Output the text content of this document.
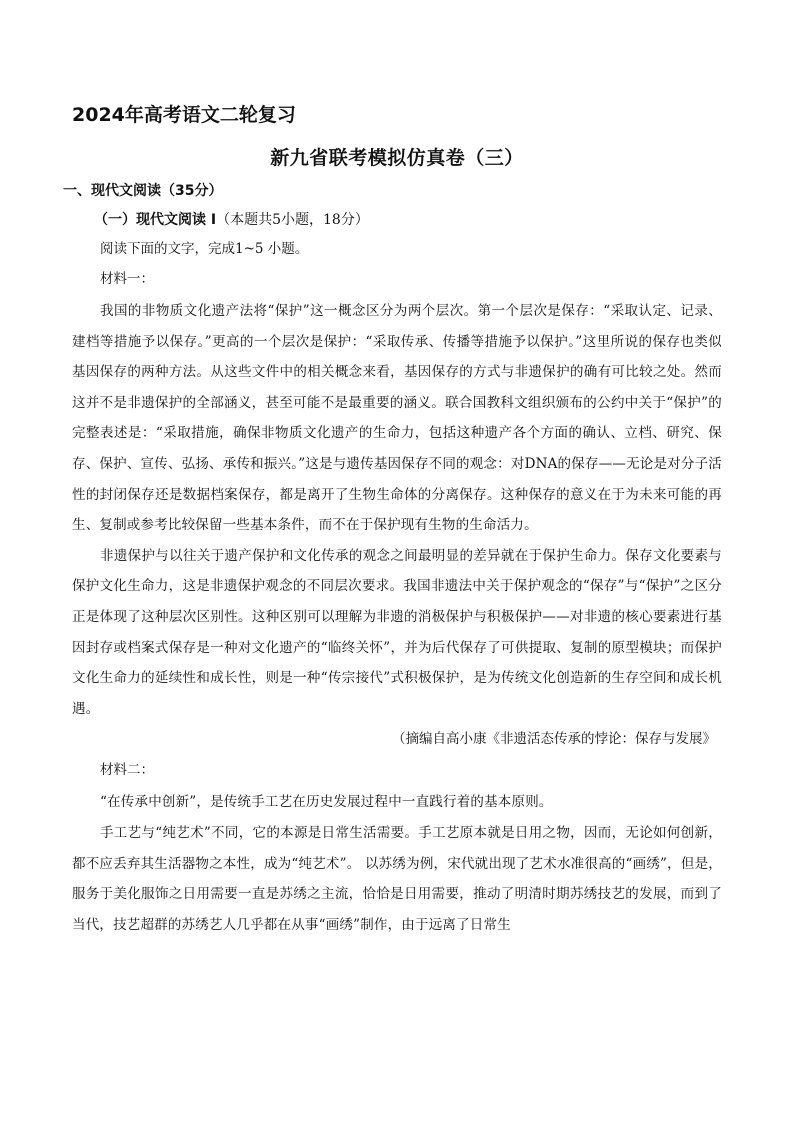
2024年高考语文二轮复习
新九省联考模拟仿真卷（三）
一、现代文阅读（35分）
（一）现代文阅读 Ⅰ（本题共5小题，18分）
阅读下面的文字，完成1~5 小题。
材料一：

我国的非物质文化遗产法将“保护”这一概念区分为两个层次。第一个层次是保存：“采取认定、记录、建档等措施予以保存。”更高的一个层次是保护：“采取传承、传播等措施予以保护。”这里所说的保存也类似基因保存的两种方法。从这些文件中的相关概念来看，基因保存的方式与非遗保护的确有可比较之处。然而这并不是非遗保护的全部涵义，甚至可能不是最重要的涵义。联合国教科文组织颁布的公约中关于“保护”的完整表述是：“采取措施，确保非物质文化遗产的生命力，包括这种遗产各个方面的确认、立档、研究、保存、保护、宣传、弘扬、承传和振兴。”这是与遗传基因保存不同的观念：对DNA的保存——无论是对分子活性的封闭保存还是数据档案保存，都是离开了生物生命体的分离保存。这种保存的意义在于为未来可能的再生、复制或参考比较保留一些基本条件，而不在于保护现有生物的生命活力。

非遗保护与以往关于遗产保护和文化传承的观念之间最明显的差异就在于保护生命力。保存文化要素与保护文化生命力，这是非遗保护观念的不同层次要求。我国非遗法中关于保护观念的“保存”与“保护”之区分正是体现了这种层次区别性。这种区别可以理解为非遗的消极保护与积极保护——对非遗的核心要素进行基因封存或档案式保存是一种对文化遗产的“临终关怀”，并为后代保存了可供提取、复制的原型模块；而保护文化生命力的延续性和成长性，则是一种“传宗接代”式积极保护，是为传统文化创造新的生存空间和成长机遇。

（摘编自高小康《非遗活态传承的悖论：保存与发展》
材料二：

“在传承中创新”，是传统手工艺在历史发展过程中一直践行着的基本原则。

手工艺与“纯艺术”不同，它的本源是日常生活需要。手工艺原本就是日用之物，因而，无论如何创新，都不应丢弃其生活器物之本性，成为“纯艺术”。 以苏绣为例，宋代就出现了艺术水准很高的“画绣”，但是，服务于美化服饰之日用需要一直是苏绣之主流，恰恰是日用需要，推动了明清时期苏绣技艺的发展，而到了当代，技艺超群的苏绣艺人几乎都在从事“画绣”制作，由于远离了日常生
